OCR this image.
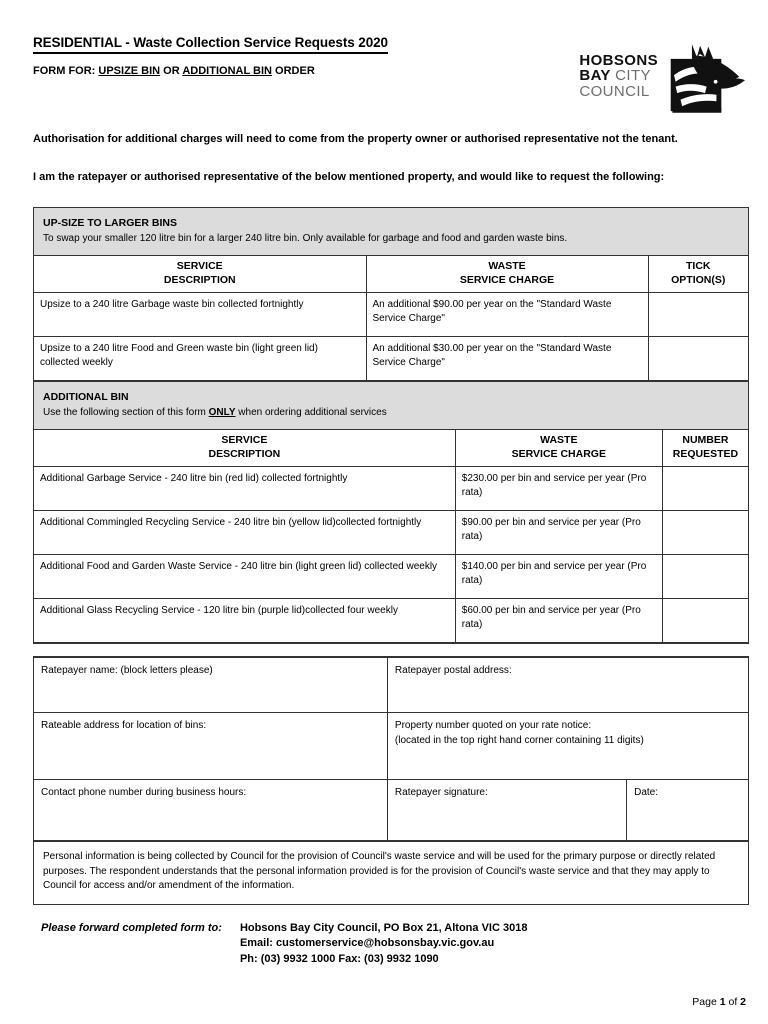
RESIDENTIAL - Waste Collection Service Requests 2020
FORM FOR: UPSIZE BIN OR ADDITIONAL BIN ORDER
HOBSONS
BAY CITY
COUNCIL

Authorisation for additional charges will need to come from the property owner or authorised representative not the tenant.

I am the ratepayer or authorised representative of the below mentioned property, and would like to request the following:

UP-SIZE TO LARGER BINS
To swap your smaller 120 litre bin for a larger 240 litre bin. Only available for garbage and food and garden waste bins.
SERVICE
DESCRIPTION

WASTE
SERVICE CHARGE

TICK
OPTION(S)

Upsize to a 240 litre Garbage waste bin collected fortnightly	An additional $90.00 per year on the "Standard Waste Service Charge"	
Upsize to a 240 litre Food and Green waste bin (light green lid) collected weekly	An additional $30.00 per year on the "Standard Waste Service Charge"	
ADDITIONAL BIN
Use the following section of this form ONLY when ordering additional services
SERVICE
DESCRIPTION

WASTE
SERVICE CHARGE

NUMBER
REQUESTED

Additional Garbage Service - 240 litre bin (red lid) collected fortnightly	$230.00 per bin and service per year (Pro rata)	
Additional Commingled Recycling Service - 240 litre bin (yellow lid)collected fortnightly	$90.00 per bin and service per year (Pro rata)	
Additional Food and Garden Waste Service - 240 litre bin (light green lid) collected weekly	$140.00 per bin and service per year (Pro rata)	
Additional Glass Recycling Service - 120 litre bin (purple lid)collected four weekly	$60.00 per bin and service per year (Pro rata)	
Ratepayer name: (block letters please)	Ratepayer postal address:	
Rateable address for location of bins:	Property number quoted on your rate notice:
(located in the top right hand corner containing 11 digits)	

Contact phone number during business hours:	Ratepayer signature:	Date:
Personal information is being collected by Council for the provision of Council's waste service and will be used for the primary purpose or directly related purposes. The respondent understands that the personal information provided is for the provision of Council's waste service and that they may apply to Council for access and/or amendment of the information.
Please forward completed form to:	Hobsons Bay City Council, PO Box 21, Altona VIC 3018
Email: customerservice@hobsonsbay.vic.gov.au
Ph: (03) 9932 1000 Fax: (03) 9932 1090
Page 1 of 2
